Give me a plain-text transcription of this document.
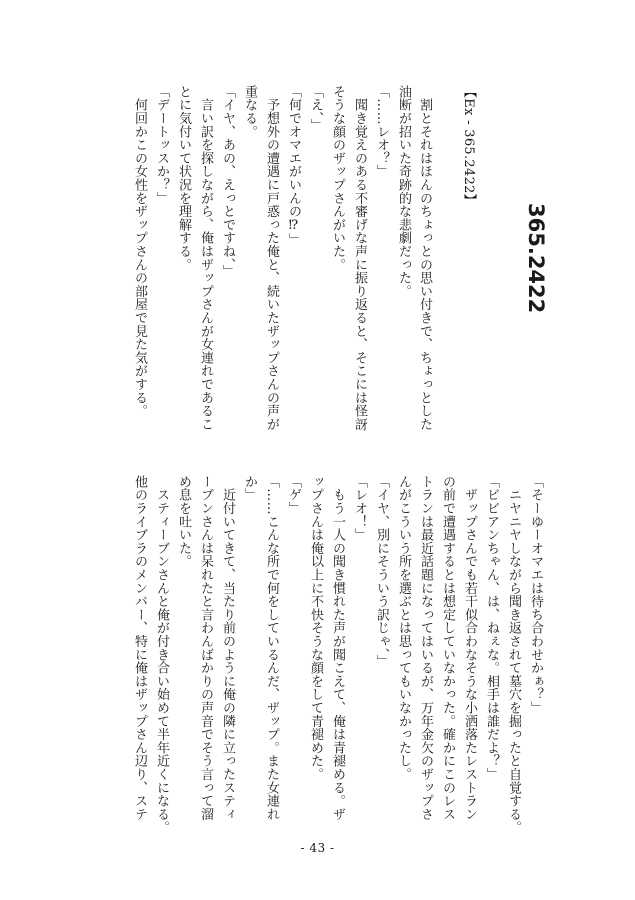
365.2422
【Ex - 365.2422】
　割とそれはほんのちょっとの思い付きで、ちょっとした
油断が招いた奇跡的な悲劇だった。
「……レオ？」
　聞き覚えのある不審げな声に振り返ると、そこには怪訝
そうな顔のザップさんがいた。
「え、」
「何でオマエがいんの⁉」
　予想外の遭遇に戸惑った俺と、続いたザップさんの声が
重なる。
「イヤ、あの、えっとですね、」
　言い訳を探しながら、俺はザップさんが女連れであるこ
とに気付いて状況を理解する。
「デートッスか？」
　何回かこの女性をザップさんの部屋で見た気がする。
「そーゆーオマエは待ち合わせかぁ？」
　ニヤニヤしながら聞き返されて墓穴を掘ったと自覚する。
「ビビアンちゃん、は、ねぇな。相手は誰だよ？」
　ザップさんでも若干似合わなそうな小洒落たレストラン
の前で遭遇するとは想定していなかった。確かにこのレス
トランは最近話題になってはいるが、万年金欠のザップさ
んがこういう所を選ぶとは思ってもいなかったし。
「イヤ、別にそういう訳じゃ、」
「レオ！」
　もう一人の聞き慣れた声が聞こえて、俺は青褪める。ザ
ップさんは俺以上に不快そうな顔をして青褪めた。
「ゲ」
「……こんな所で何をしているんだ、ザップ。また女連れ
か」
　近付いてきて、当たり前のように俺の隣に立ったスティ
ーブンさんは呆れたと言わんばかりの声音でそう言って溜
め息を吐いた。
　スティーブンさんと俺が付き合い始めて半年近くになる。
他のライブラのメンバー、特に俺はザップさん辺り、ステ
- 43 -
